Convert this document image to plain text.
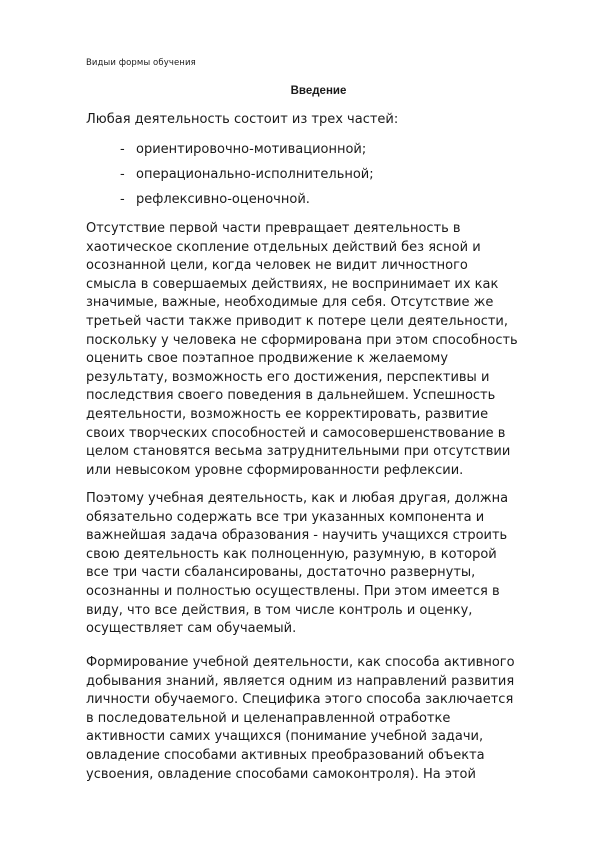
Видыи формы обучения
Введение
Любая деятельность состоит из трех частей:
- ориентировочно-мотивационной;
- операционально-исполнительной;
- рефлексивно-оценочной.

Отсутствие первой части превращает деятельность в
хаотическое скопление отдельных действий без ясной и
осознанной цели, когда человек не видит личностного
смысла в совершаемых действиях, не воспринимает их как
значимые, важные, необходимые для себя. Отсутствие же
третьей части также приводит к потере цели деятельности,
поскольку у человека не сформирована при этом способность
оценить свое поэтапное продвижение к желаемому
результату, возможность его достижения, перспективы и
последствия своего поведения в дальнейшем. Успешность
деятельности, возможность ее корректировать, развитие
своих творческих способностей и самосовершенствование в
целом становятся весьма затруднительными при отсутствии
или невысоком уровне сформированности рефлексии.

Поэтому учебная деятельность, как и любая другая, должна
обязательно содержать все три указанных компонента и
важнейшая задача образования - научить учащихся строить
свою деятельность как полноценную, разумную, в которой
все три части сбалансированы, достаточно развернуты,
осознанны и полностью осуществлены. При этом имеется в
виду, что все действия, в том числе контроль и оценку,
осуществляет сам обучаемый.

Формирование учебной деятельности, как способа активного
добывания знаний, является одним из направлений развития
личности обучаемого. Специфика этого способа заключается
в последовательной и целенаправленной отработке
активности самих учащихся (понимание учебной задачи,
овладение способами активных преобразований объекта
усвоения, овладение способами самоконтроля). На этой
